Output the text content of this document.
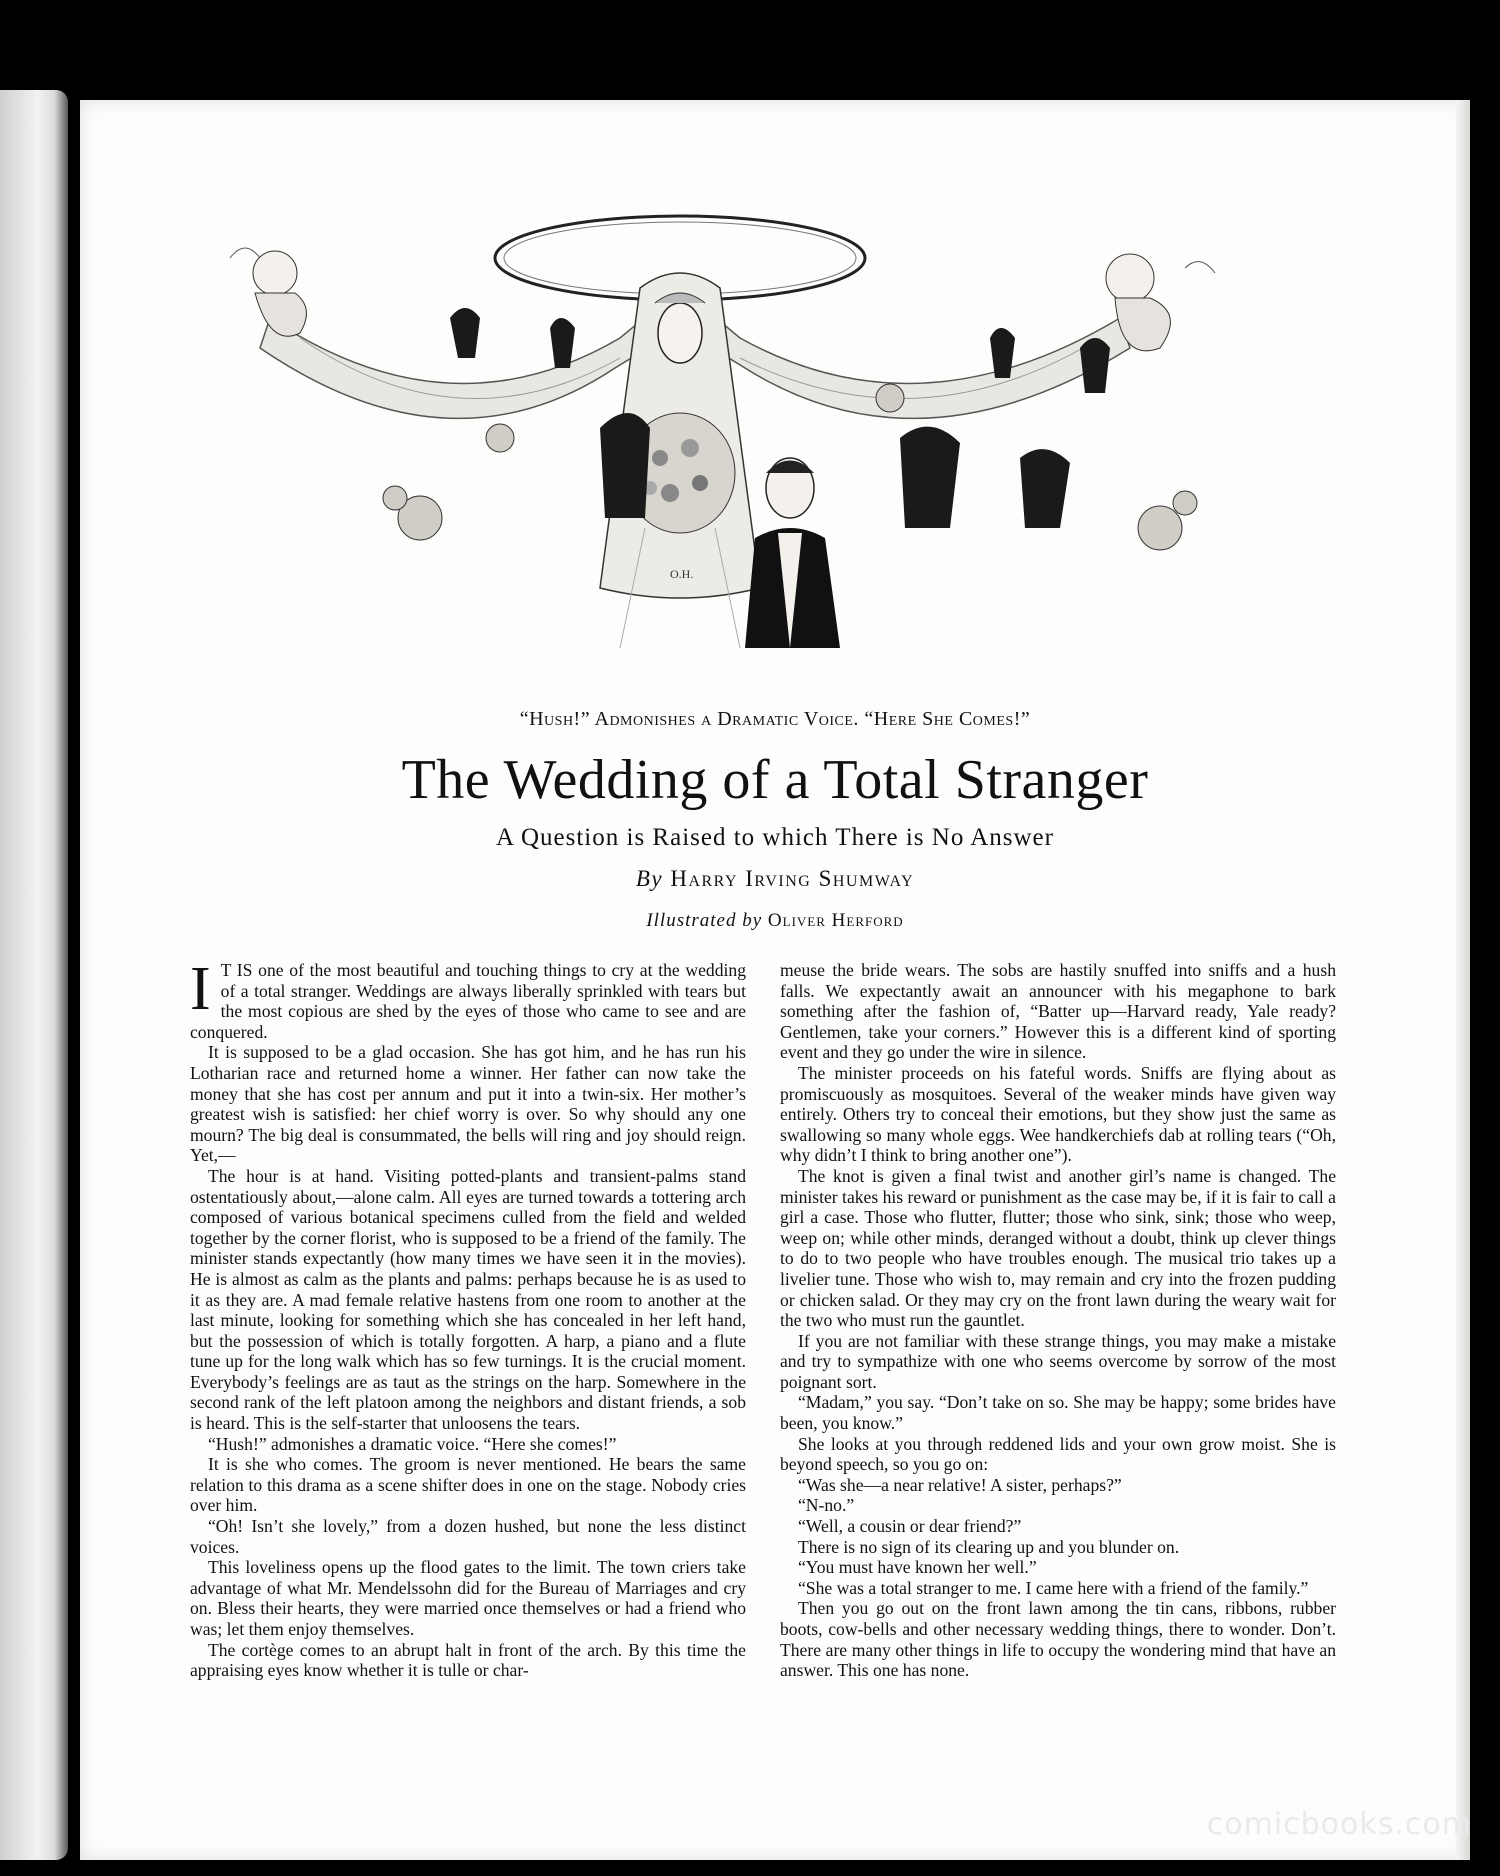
O.H.
“Hush!” Admonishes a Dramatic Voice. “Here She Comes!”
The Wedding of a Total Stranger
A Question is Raised to which There is No Answer
By Harry Irving Shumway
Illustrated by Oliver Herford

I T IS one of the most beautiful and touching things to cry at the wedding of a total stranger. Weddings are always liberally sprinkled with tears but the most copious are shed by the eyes of those who came to see and are conquered.

It is supposed to be a glad occasion. She has got him, and he has run his Lotharian race and returned home a winner. Her father can now take the money that she has cost per annum and put it into a twin-six. Her mother’s greatest wish is satisfied: her chief worry is over. So why should any one mourn? The big deal is consummated, the bells will ring and joy should reign. Yet,—

The hour is at hand. Visiting potted-plants and transient-palms stand ostentatiously about,—alone calm. All eyes are turned towards a tottering arch composed of various botanical specimens culled from the field and welded together by the corner florist, who is supposed to be a friend of the family. The minister stands expectantly (how many times we have seen it in the movies). He is almost as calm as the plants and palms: perhaps because he is as used to it as they are. A mad female relative hastens from one room to another at the last minute, looking for something which she has concealed in her left hand, but the possession of which is totally forgotten. A harp, a piano and a flute tune up for the long walk which has so few turnings. It is the crucial moment. Everybody’s feelings are as taut as the strings on the harp. Somewhere in the second rank of the left platoon among the neighbors and distant friends, a sob is heard. This is the self-starter that unloosens the tears.

“Hush!” admonishes a dramatic voice. “Here she comes!”

It is she who comes. The groom is never mentioned. He bears the same relation to this drama as a scene shifter does in one on the stage. Nobody cries over him.

“Oh! Isn’t she lovely,” from a dozen hushed, but none the less distinct voices.

This loveliness opens up the flood gates to the limit. The town criers take advantage of what Mr. Mendelssohn did for the Bureau of Marriages and cry on. Bless their hearts, they were married once themselves or had a friend who was; let them enjoy themselves.

The cortège comes to an abrupt halt in front of the arch. By this time the appraising eyes know whether it is tulle or char-

meuse the bride wears. The sobs are hastily snuffed into sniffs and a hush falls. We expectantly await an announcer with his megaphone to bark something after the fashion of, “Batter up—Harvard ready, Yale ready? Gentlemen, take your corners.” However this is a different kind of sporting event and they go under the wire in silence.

The minister proceeds on his fateful words. Sniffs are flying about as promiscuously as mosquitoes. Several of the weaker minds have given way entirely. Others try to conceal their emotions, but they show just the same as swallowing so many whole eggs. Wee handkerchiefs dab at rolling tears (“Oh, why didn’t I think to bring another one”).

The knot is given a final twist and another girl’s name is changed. The minister takes his reward or punishment as the case may be, if it is fair to call a girl a case. Those who flutter, flutter; those who sink, sink; those who weep, weep on; while other minds, deranged without a doubt, think up clever things to do to two people who have troubles enough. The musical trio takes up a livelier tune. Those who wish to, may remain and cry into the frozen pudding or chicken salad. Or they may cry on the front lawn during the weary wait for the two who must run the gauntlet.

If you are not familiar with these strange things, you may make a mistake and try to sympathize with one who seems overcome by sorrow of the most poignant sort.

“Madam,” you say. “Don’t take on so. She may be happy; some brides have been, you know.”

She looks at you through reddened lids and your own grow moist. She is beyond speech, so you go on:

“Was she—a near relative! A sister, perhaps?”

“N-no.”

“Well, a cousin or dear friend?”

There is no sign of its clearing up and you blunder on.

“You must have known her well.”

“She was a total stranger to me. I came here with a friend of the family.”

Then you go out on the front lawn among the tin cans, ribbons, rubber boots, cow-bells and other necessary wedding things, there to wonder. Don’t. There are many other things in life to occupy the wondering mind that have an answer. This one has none.

comicbooks.com
